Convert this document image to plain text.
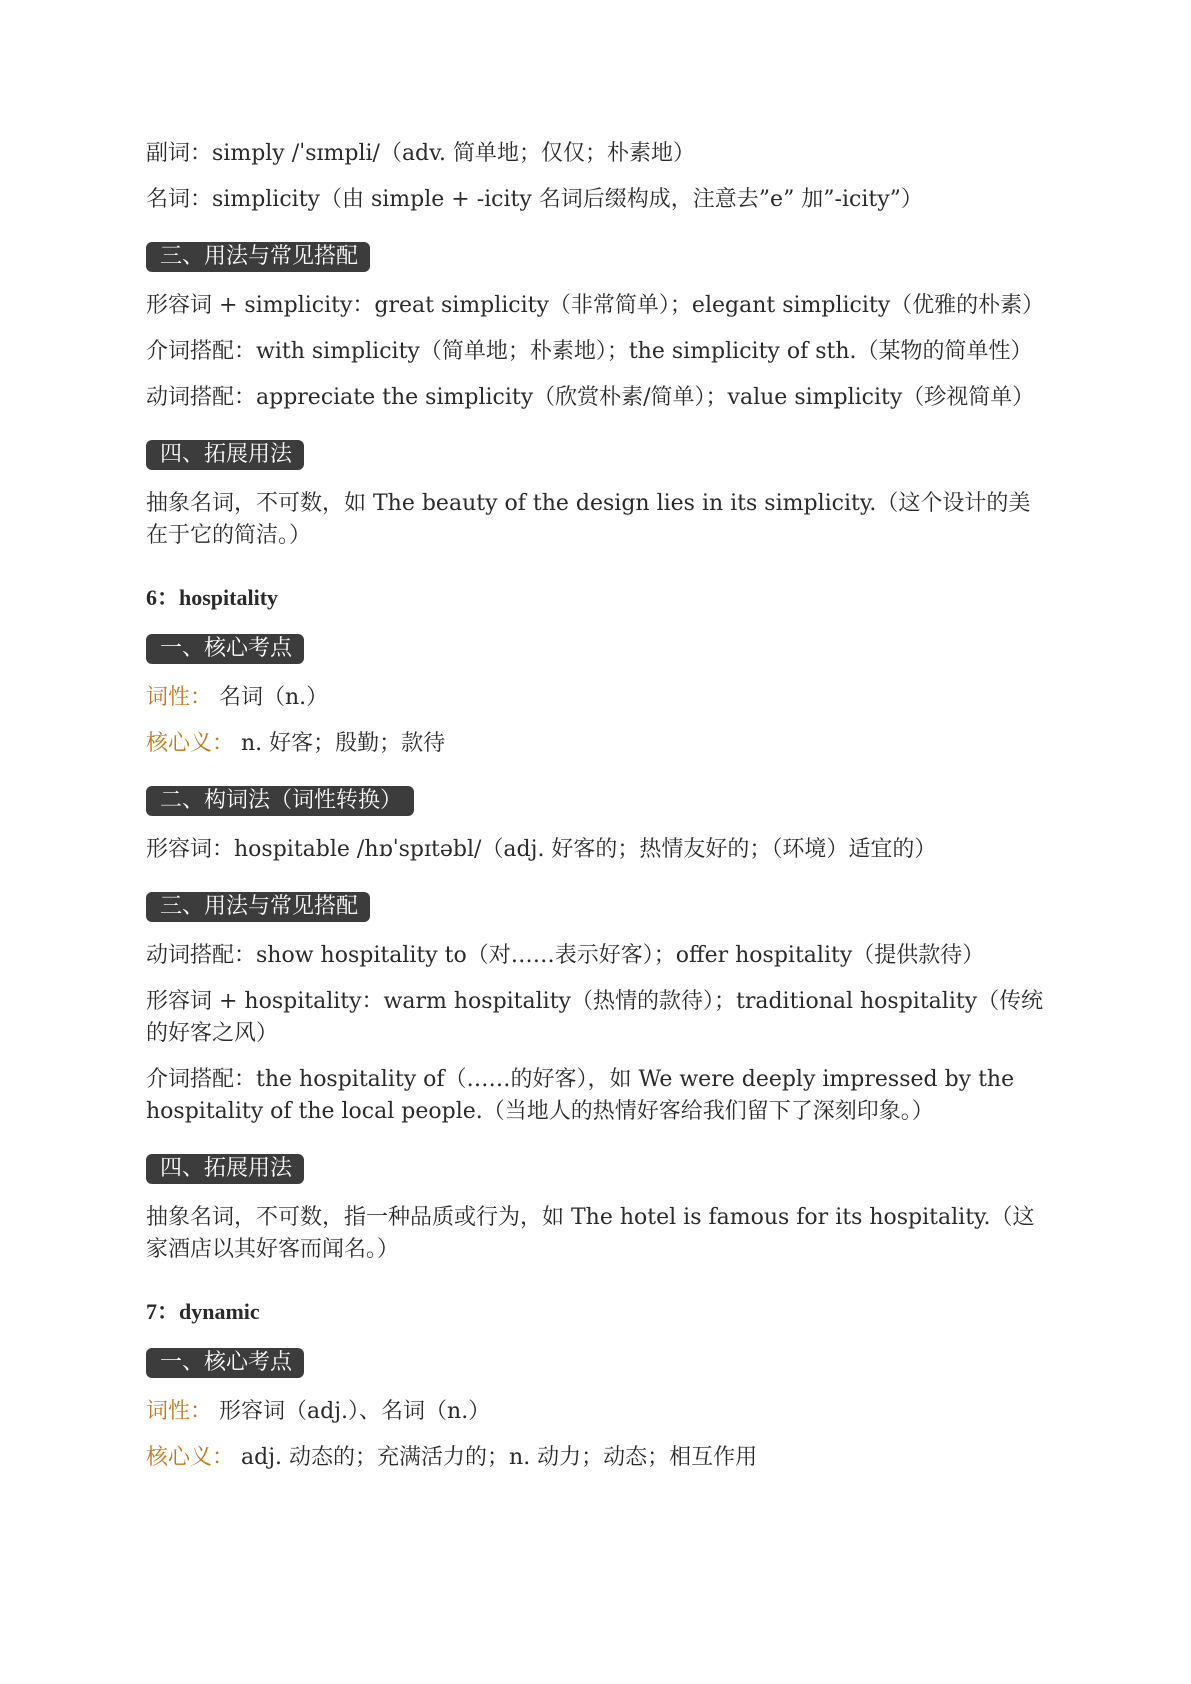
副词：simply /ˈsɪmpli/（adv. 简单地；仅仅；朴素地）
名词：simplicity（由 simple + -icity 名词后缀构成，注意去”e” 加”-icity”）
三、用法与常见搭配
形容词 + simplicity：great simplicity（非常简单）；elegant simplicity（优雅的朴素）
介词搭配：with simplicity（简单地；朴素地）；the simplicity of sth.（某物的简单性）
动词搭配：appreciate the simplicity（欣赏朴素/简单）；value simplicity（珍视简单）
四、拓展用法
抽象名词，不可数，如 The beauty of the design lies in its simplicity.（这个设计的美在于它的简洁。）
6：hospitality
一、核心考点
词性： 名词（n.）
核心义： n. 好客；殷勤；款待
二、构词法（词性转换）
形容词：hospitable /hɒˈspɪtəbl/（adj. 好客的；热情友好的；（环境）适宜的）
三、用法与常见搭配
动词搭配：show hospitality to（对……表示好客）；offer hospitality（提供款待）
形容词 + hospitality：warm hospitality（热情的款待）；traditional hospitality（传统的好客之风）
介词搭配：the hospitality of（……的好客），如 We were deeply impressed by the hospitality of the local people.（当地人的热情好客给我们留下了深刻印象。）
四、拓展用法
抽象名词，不可数，指一种品质或行为，如 The hotel is famous for its hospitality.（这家酒店以其好客而闻名。）
7：dynamic
一、核心考点
词性： 形容词（adj.）、名词（n.）
核心义： adj. 动态的；充满活力的；n. 动力；动态；相互作用
